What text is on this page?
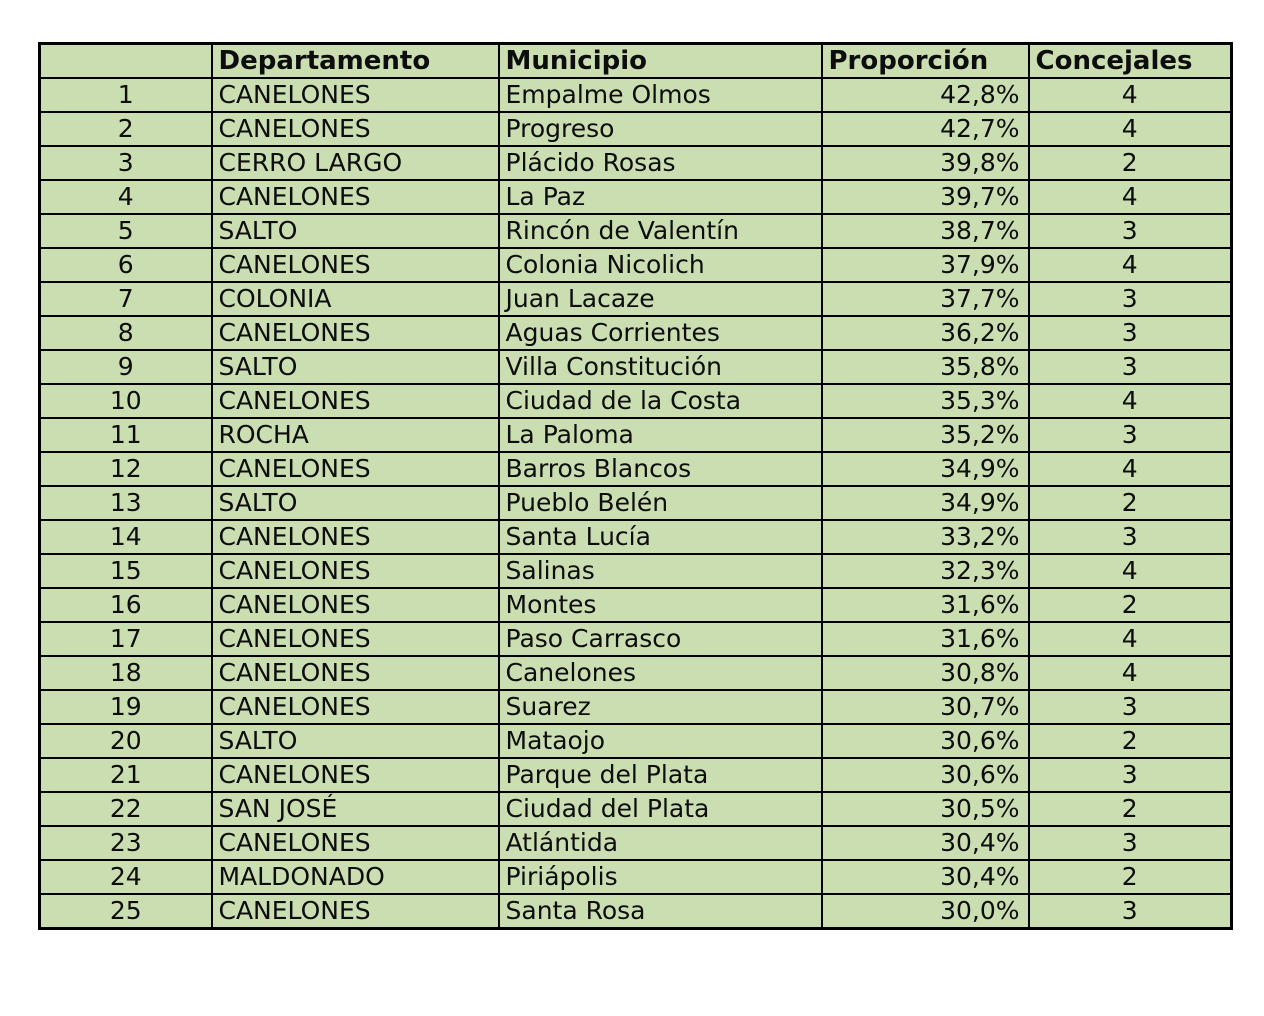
	Departamento	Municipio	Proporción	Concejales
1	CANELONES	Empalme Olmos	42,8%	4
2	CANELONES	Progreso	42,7%	4
3	CERRO LARGO	Plácido Rosas	39,8%	2
4	CANELONES	La Paz	39,7%	4
5	SALTO	Rincón de Valentín	38,7%	3
6	CANELONES	Colonia Nicolich	37,9%	4
7	COLONIA	Juan Lacaze	37,7%	3
8	CANELONES	Aguas Corrientes	36,2%	3
9	SALTO	Villa Constitución	35,8%	3
10	CANELONES	Ciudad de la Costa	35,3%	4
11	ROCHA	La Paloma	35,2%	3
12	CANELONES	Barros Blancos	34,9%	4
13	SALTO	Pueblo Belén	34,9%	2
14	CANELONES	Santa Lucía	33,2%	3
15	CANELONES	Salinas	32,3%	4
16	CANELONES	Montes	31,6%	2
17	CANELONES	Paso Carrasco	31,6%	4
18	CANELONES	Canelones	30,8%	4
19	CANELONES	Suarez	30,7%	3
20	SALTO	Mataojo	30,6%	2
21	CANELONES	Parque del Plata	30,6%	3
22	SAN JOSÉ	Ciudad del Plata	30,5%	2
23	CANELONES	Atlántida	30,4%	3
24	MALDONADO	Piriápolis	30,4%	2
25	CANELONES	Santa Rosa	30,0%	3
